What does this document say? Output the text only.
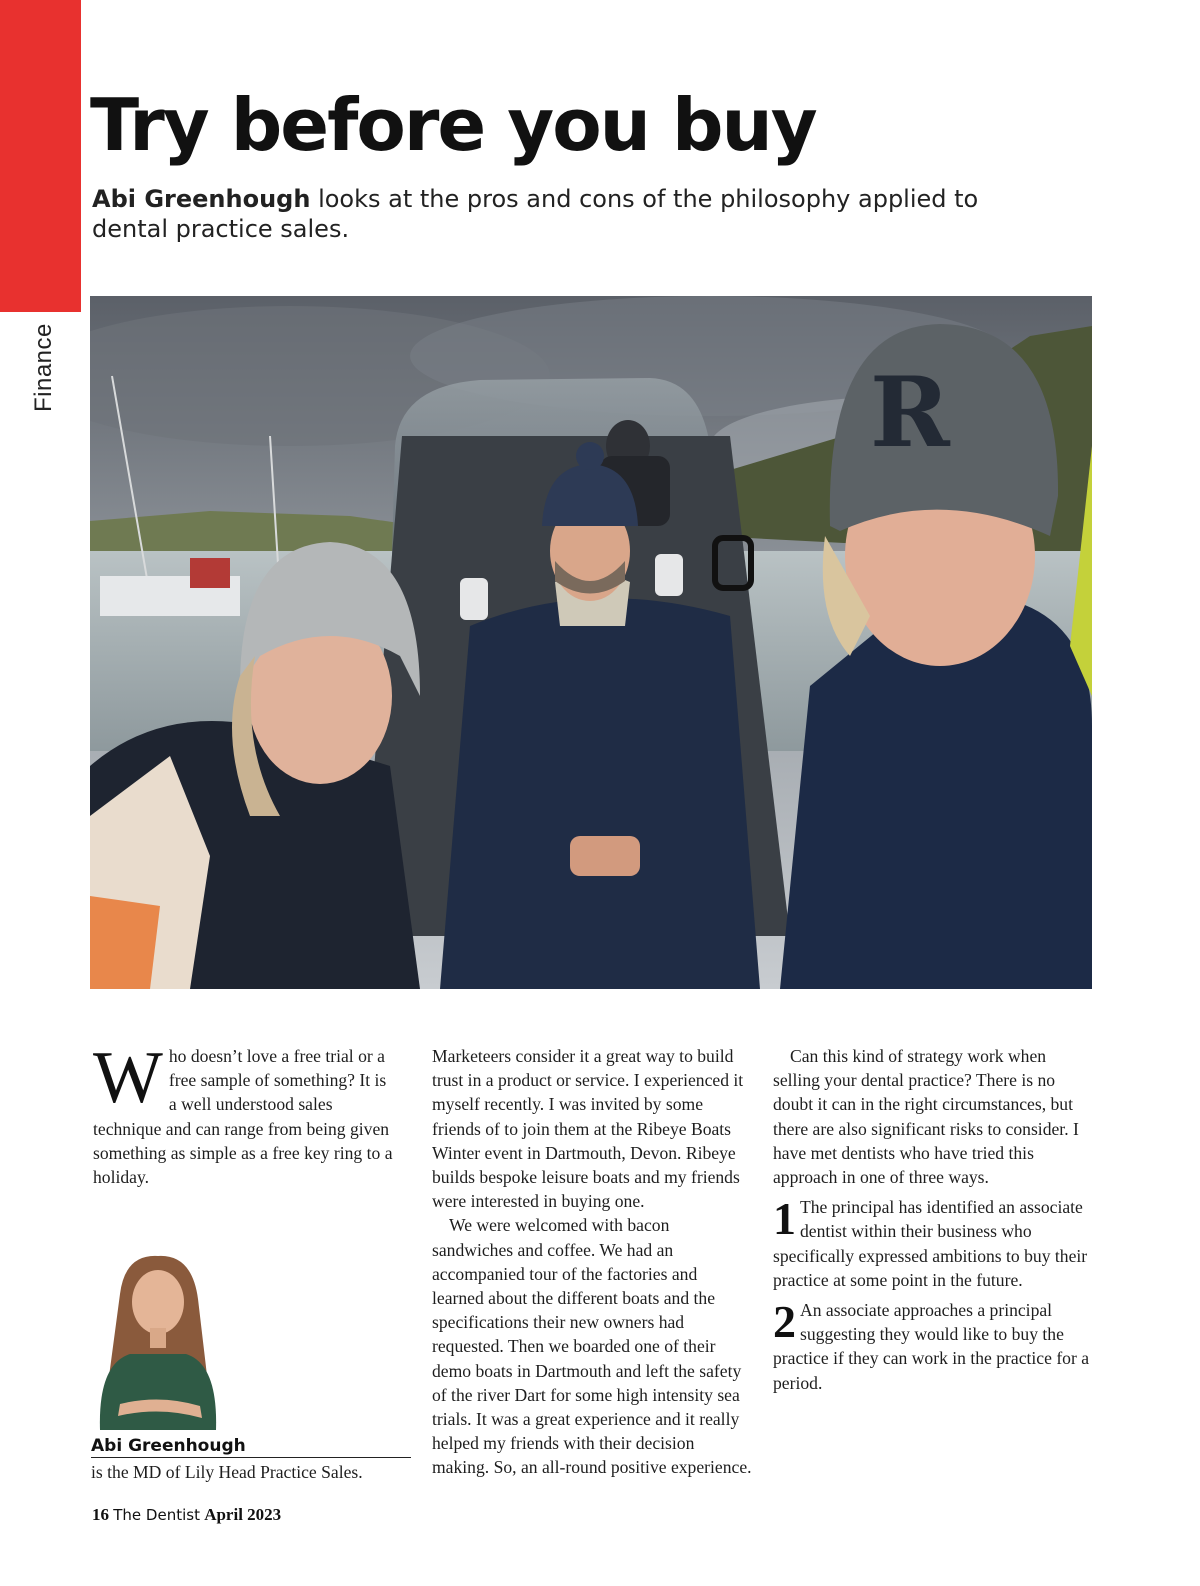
Finance
Try before you buy

Abi Greenhough looks at the pros and cons of the philosophy applied to dental practice sales.

R

Who doesn’t love a free trial or a free sample of something? It is a well understood sales technique and can range from being given something as simple as a free key ring to a holiday.

Marketeers consider it a great way to build trust in a product or service. I experienced it myself recently. I was invited by some friends of to join them at the Ribeye Boats Winter event in Dartmouth, Devon. Ribeye builds bespoke leisure boats and my friends were interested in buying one.

We were welcomed with bacon sandwiches and coffee. We had an accompanied tour of the factories and learned about the different boats and the specifications their new owners had requested. Then we boarded one of their demo boats in Dartmouth and left the safety of the river Dart for some high intensity sea trials. It was a great experience and it really helped my friends with their decision making. So, an all-round positive experience.

Can this kind of strategy work when selling your dental practice? There is no doubt it can in the right circumstances, but there are also significant risks to consider. I have met dentists who have tried this approach in one of three ways.

1 The principal has identified an associate dentist within their business who specifically expressed ambitions to buy their practice at some point in the future.

2 An associate approaches a principal suggesting they would like to buy the practice if they can work in the practice for a period.

Abi Greenhough
is the MD of Lily Head Practice Sales.
16 The Dentist April 2023
